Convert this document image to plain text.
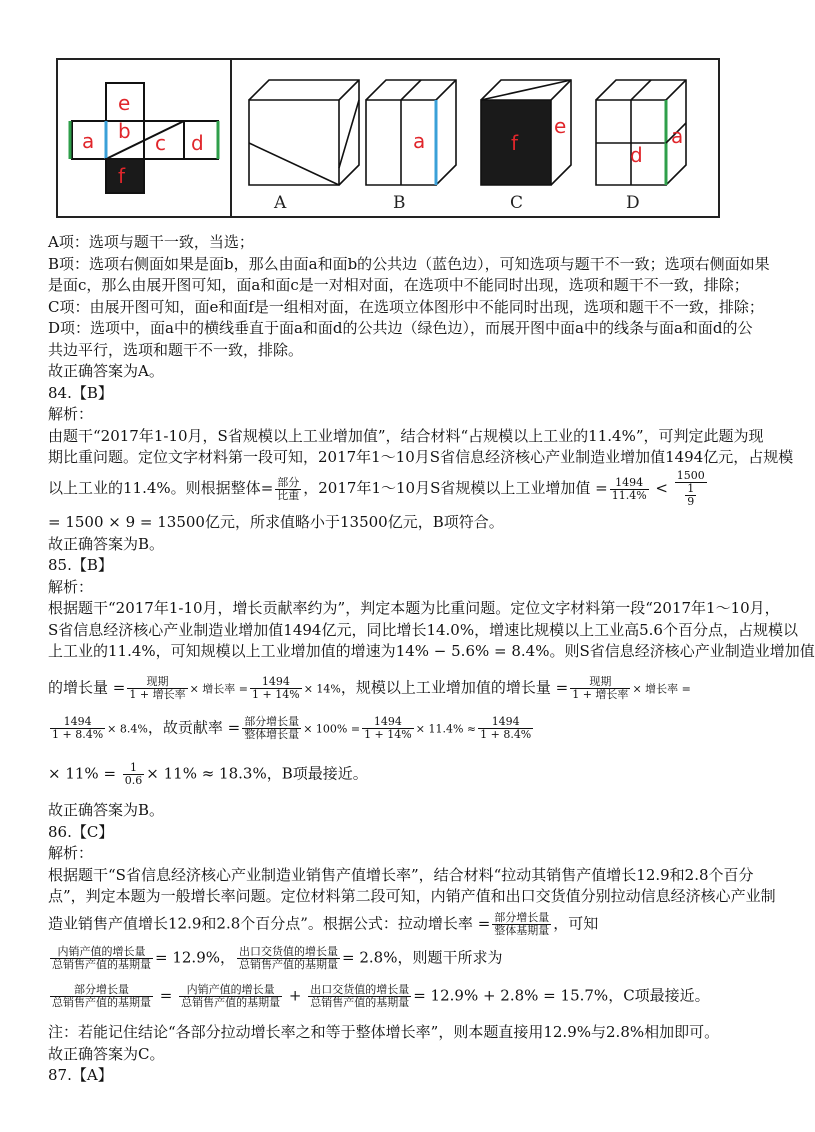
e
a b c d
f
A
a
B
f
e
C
d
a
D
A项：选项与题干一致，当选；
B项：选项右侧面如果是面b，那么由面a和面b的公共边（蓝色边），可知选项与题干不一致；选项右侧面如果
是面c，那么由展开图可知，面a和面c是一对相对面，在选项中不能同时出现，选项和题干不一致，排除；
C项：由展开图可知，面e和面f是一组相对面，在选项立体图形中不能同时出现，选项和题干不一致，排除；
D项：选项中，面a中的横线垂直于面a和面d的公共边（绿色边），而展开图中面a中的线条与面a和面d的公
共边平行，选项和题干不一致，排除。
故正确答案为A。
84.【B】
解析：
由题干“2017年1-10月，S省规模以上工业增加值”，结合材料“占规模以上工业的11.4%”，可判定此题为现
期比重问题。定位文字材料第一段可知，2017年1～10月S省信息经济核心产业制造业增加值1494亿元，占规模
以上工业的11.4%。则根据整体= $\frac{\text{部分}}{\text{比重}}$ ，2017年1～10月S省规模以上工业增加值 = $\frac{1494}{11.4\%} < \frac{1500}{\frac{1}{9}}$
= 1500 × 9 = 13500亿元，所求值略小于13500亿元，B项符合。
故正确答案为B。
85.【B】
解析：
根据题干“2017年1-10月，增长贡献率约为”，判定本题为比重问题。定位文字材料第一段“2017年1～10月，
S省信息经济核心产业制造业增加值1494亿元，同比增长14.0%，增速比规模以上工业高5.6个百分点，占规模以
上工业的11.4%，可知规模以上工业增加值的增速为14% − 5.6% = 8.4%。则S省信息经济核心产业制造业增加值
的增长量 = $\frac{\text{现期}}{\text{1 + 增长率}}$ × 增长率 = $\frac{1494}{1 + 14\%} \times 14\%$，规模以上工业增加值的增长量 = $\frac{\text{现期}}{\text{1 + 增长率}}$ × 增长率 =
$\frac{1494}{1 + 8.4\%} \times 8.4\%$，故贡献率 = $\frac{\text{部分增长量}}{\text{整体增长量}} \times 100\% = \frac{1494}{1 + 14\%} \times 11.4\% \approx \frac{1494}{1 + 8.4\%}$
× $11\% = \frac{1}{0.6} \times 11\% \approx 18.3\%$，B项最接近。
故正确答案为B。
86.【C】
解析：
根据题干“S省信息经济核心产业制造业销售产值增长率”，结合材料“拉动其销售产值增长12.9和2.8个百分
点”，判定本题为一般增长率问题。定位材料第二段可知，内销产值和出口交货值分别拉动信息经济核心产业制
造业销售产值增长12.9和2.8个百分点”。根据公式：拉动增长率 = $\frac{\text{部分增长量}}{\text{整体基期量}}$ ，可知
$\frac{\text{内销产值的增长量}}{\text{总销售产值的基期量}} = 12.9\%$， $\frac{\text{出口交货值的增长量}}{\text{总销售产值的基期量}} = 2.8\%$，则题干所求为
$\frac{\text{部分增长量}}{\text{总销售产值的基期量}} = \frac{\text{内销产值的增长量}}{\text{总销售产值的基期量}} + \frac{\text{出口交货值的增长量}}{\text{总销售产值的基期量}} = 12.9\% + 2.8\% = 15.7\%$，C项最接近。
注：若能记住结论“各部分拉动增长率之和等于整体增长率”，则本题直接用12.9%与2.8%相加即可。
故正确答案为C。
87.【A】
